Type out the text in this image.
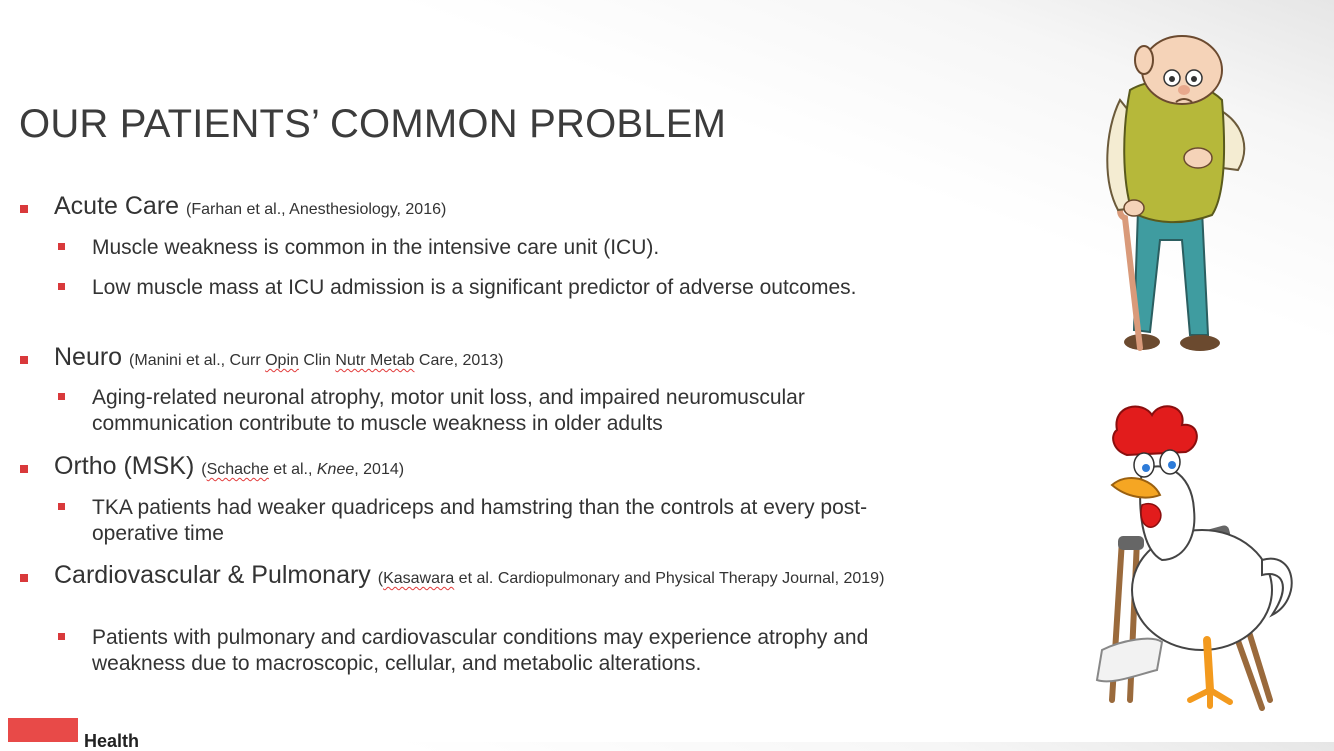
OUR PATIENTS’ COMMON PROBLEM
Acute Care (Farhan et al., Anesthesiology, 2016)
Muscle weakness is common in the intensive care unit (ICU).
Low muscle mass at ICU admission is a significant predictor of adverse outcomes.
Neuro (Manini et al., Curr Opin Clin Nutr Metab Care, 2013)
Aging-related neuronal atrophy, motor unit loss, and impaired neuromuscular communication contribute to muscle weakness in older adults
Ortho (MSK) (Schache et al., Knee, 2014)
TKA patients had weaker quadriceps and hamstring than the controls at every post-operative time
Cardiovascular & Pulmonary (Kasawara et al. Cardiopulmonary and Physical Therapy Journal, 2019)
Patients with pulmonary and cardiovascular conditions may experience atrophy and weakness due to macroscopic, cellular, and metabolic alterations.
Health
